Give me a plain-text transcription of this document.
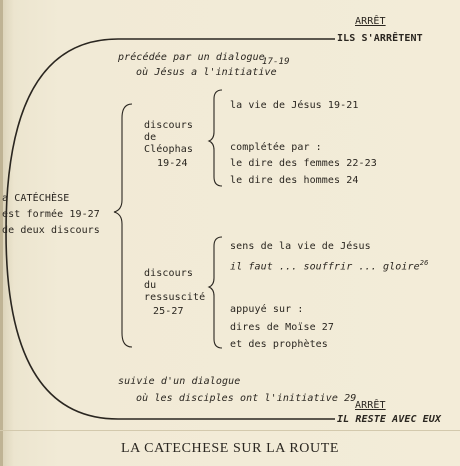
ARRÊT
ILS S'ARRÊTENT
précédée par un dialogue
17-19
où Jésus a l'initiative
a CATÉCHÈSE
est formée 19-27
de deux discours
discours
de
Cléophas
19-24
la vie de Jésus 19-21
complétée par :
le dire des femmes 22-23
le dire des hommes 24
discours
du
ressuscité
25-27
sens de la vie de Jésus
il faut ... souffrir ... gloire$^{26}$
appuyé sur :
dires de Moïse 27
et des prophètes
suivie d'un dialogue
où les disciples ont l'initiative 29
ARRÊT
IL RESTE AVEC EUX
LA CATECHESE SUR LA ROUTE
